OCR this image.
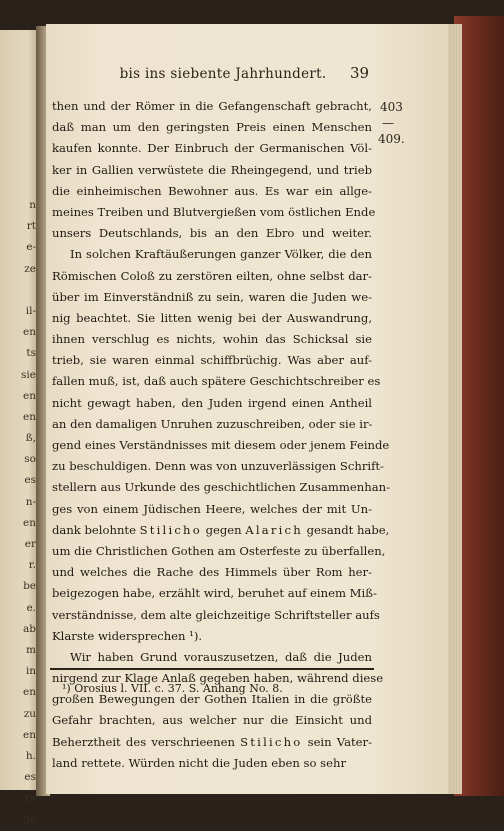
n
rt
e-
ze
il-
en
ts
sie
en
en
ß,
so
es
n-
en
er
r.
be
e.
ab
m
in
en
zu
en
h.
es
re
ge
bis ins siebente Jahrhundert.	39
403
—
409.
then und der Römer in die Gefangenschaft gebracht,
daß man um den geringsten Preis einen Menschen
kaufen konnte. Der Einbruch der Germanischen Völ-
ker in Gallien verwüstete die Rheingegend, und trieb
die einheimischen Bewohner aus. Es war ein allge-
meines Treiben und Blutvergießen vom östlichen Ende
unsers Deutschlands, bis an den Ebro und weiter.
In solchen Kraftäußerungen ganzer Völker, die den
Römischen Coloß zu zerstören eilten, ohne selbst dar-
über im Einverständniß zu sein, waren die Juden we-
nig beachtet. Sie litten wenig bei der Auswandrung,
ihnen verschlug es nichts, wohin das Schicksal sie
trieb, sie waren einmal schiffbrüchig. Was aber auf-
fallen muß, ist, daß auch spätere Geschichtschreiber es
nicht gewagt haben, den Juden irgend einen Antheil
an den damaligen Unruhen zuzuschreiben, oder sie ir-
gend eines Verständnisses mit diesem oder jenem Feinde
zu beschuldigen. Denn was von unzuverlässigen Schrift-
stellern aus Urkunde des geschichtlichen Zusammenhan-
ges von einem Jüdischen Heere, welches der mit Un-
dank belohnte Stilicho gegen Alarich gesandt habe,
um die Christlichen Gothen am Osterfeste zu überfallen,
und welches die Rache des Himmels über Rom her-
beigezogen habe, erzählt wird, beruhet auf einem Miß-
verständnisse, dem alte gleichzeitige Schriftsteller aufs
Klarste widersprechen ¹).
Wir haben Grund vorauszusetzen, daß die Juden
nirgend zur Klage Anlaß gegeben haben, während diese
großen Bewegungen der Gothen Italien in die größte
Gefahr brachten, aus welcher nur die Einsicht und
Beherztheit des verschrieenen Stilicho sein Vater-
land rettete. Würden nicht die Juden eben so sehr
¹) Orosius l. VII. c. 37. S. Anhang No. 8.
